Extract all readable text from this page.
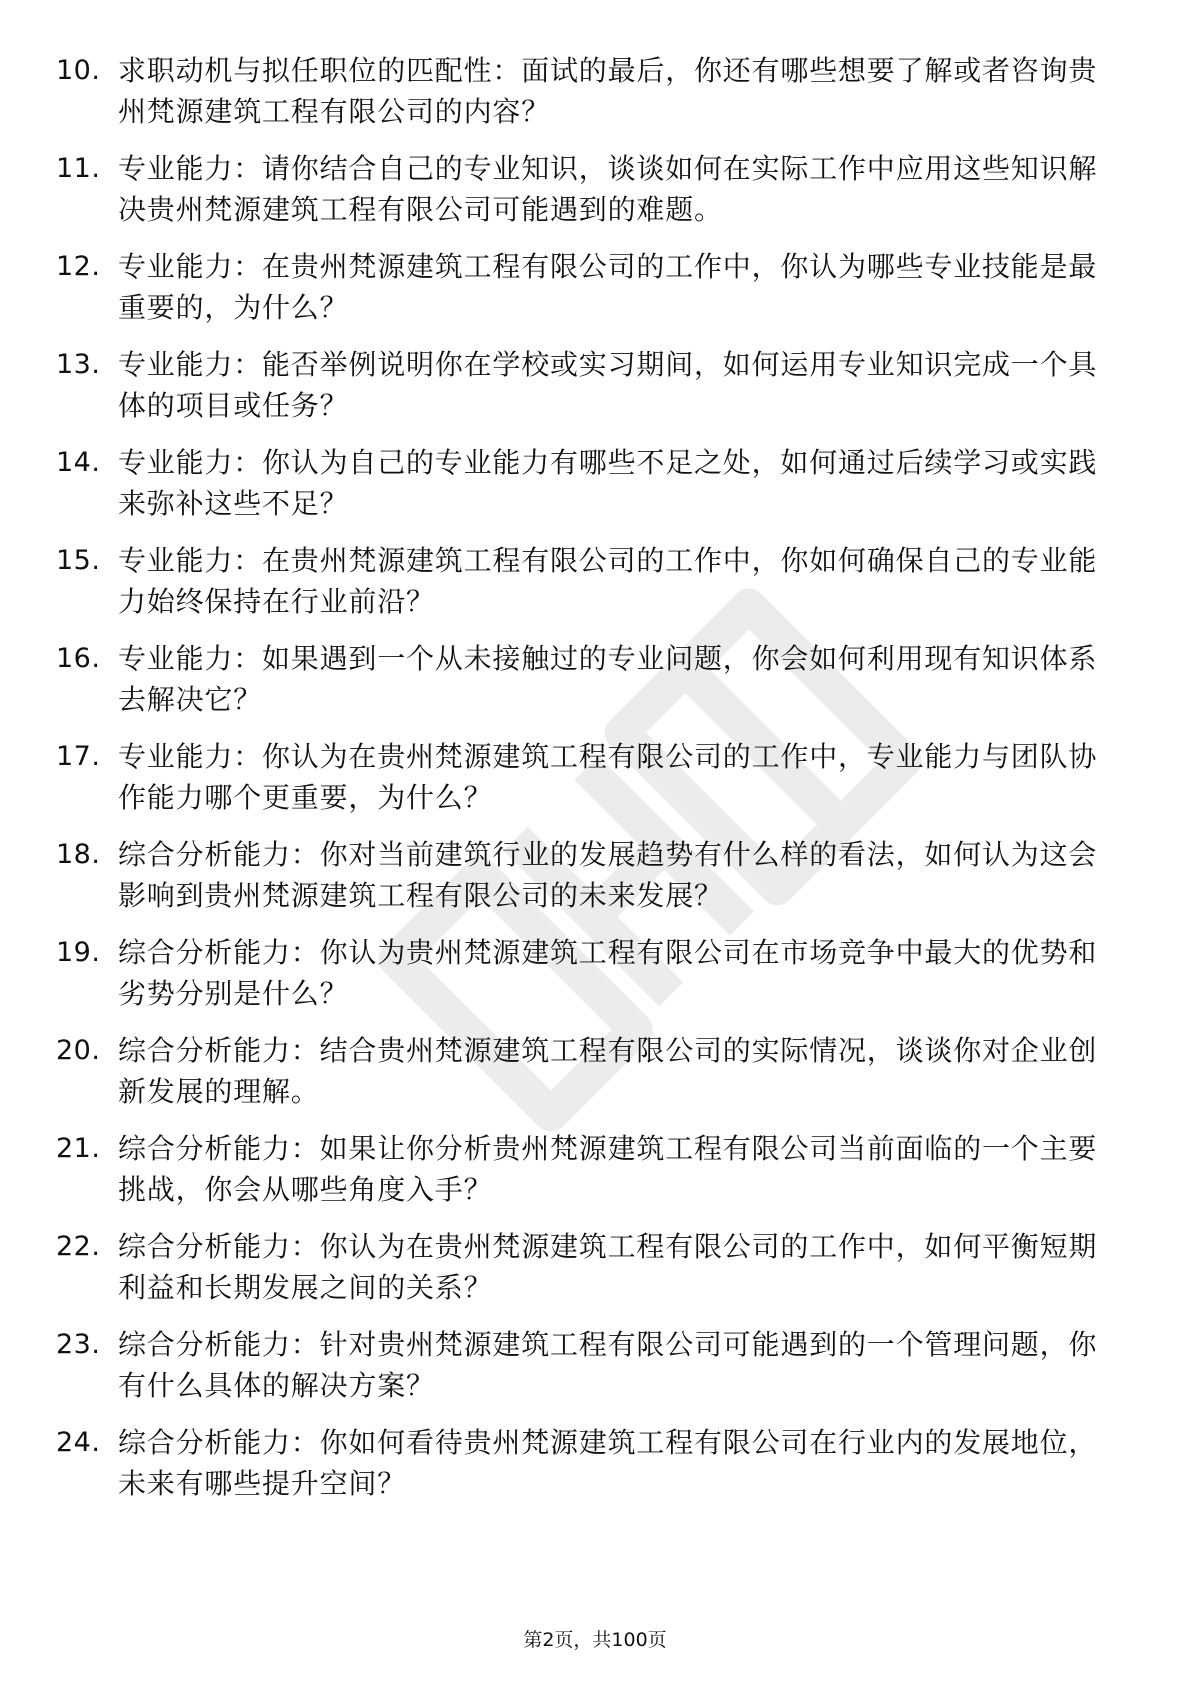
10. 求职动机与拟任职位的匹配性：面试的最后，你还有哪些想要了解或者咨询贵州梵源建筑工程有限公司的内容？
11. 专业能力：请你结合自己的专业知识，谈谈如何在实际工作中应用这些知识解决贵州梵源建筑工程有限公司可能遇到的难题。
12. 专业能力：在贵州梵源建筑工程有限公司的工作中，你认为哪些专业技能是最重要的，为什么？
13. 专业能力：能否举例说明你在学校或实习期间，如何运用专业知识完成一个具体的项目或任务？
14. 专业能力：你认为自己的专业能力有哪些不足之处，如何通过后续学习或实践来弥补这些不足？
15. 专业能力：在贵州梵源建筑工程有限公司的工作中，你如何确保自己的专业能力始终保持在行业前沿？
16. 专业能力：如果遇到一个从未接触过的专业问题，你会如何利用现有知识体系去解决它？
17. 专业能力：你认为在贵州梵源建筑工程有限公司的工作中，专业能力与团队协作能力哪个更重要，为什么？
18. 综合分析能力：你对当前建筑行业的发展趋势有什么样的看法，如何认为这会影响到贵州梵源建筑工程有限公司的未来发展？
19. 综合分析能力：你认为贵州梵源建筑工程有限公司在市场竞争中最大的优势和劣势分别是什么？
20. 综合分析能力：结合贵州梵源建筑工程有限公司的实际情况，谈谈你对企业创新发展的理解。
21. 综合分析能力：如果让你分析贵州梵源建筑工程有限公司当前面临的一个主要挑战，你会从哪些角度入手？
22. 综合分析能力：你认为在贵州梵源建筑工程有限公司的工作中，如何平衡短期利益和长期发展之间的关系？
23. 综合分析能力：针对贵州梵源建筑工程有限公司可能遇到的一个管理问题，你有什么具体的解决方案？
24. 综合分析能力：你如何看待贵州梵源建筑工程有限公司在行业内的发展地位，未来有哪些提升空间？
第2页，共100页
